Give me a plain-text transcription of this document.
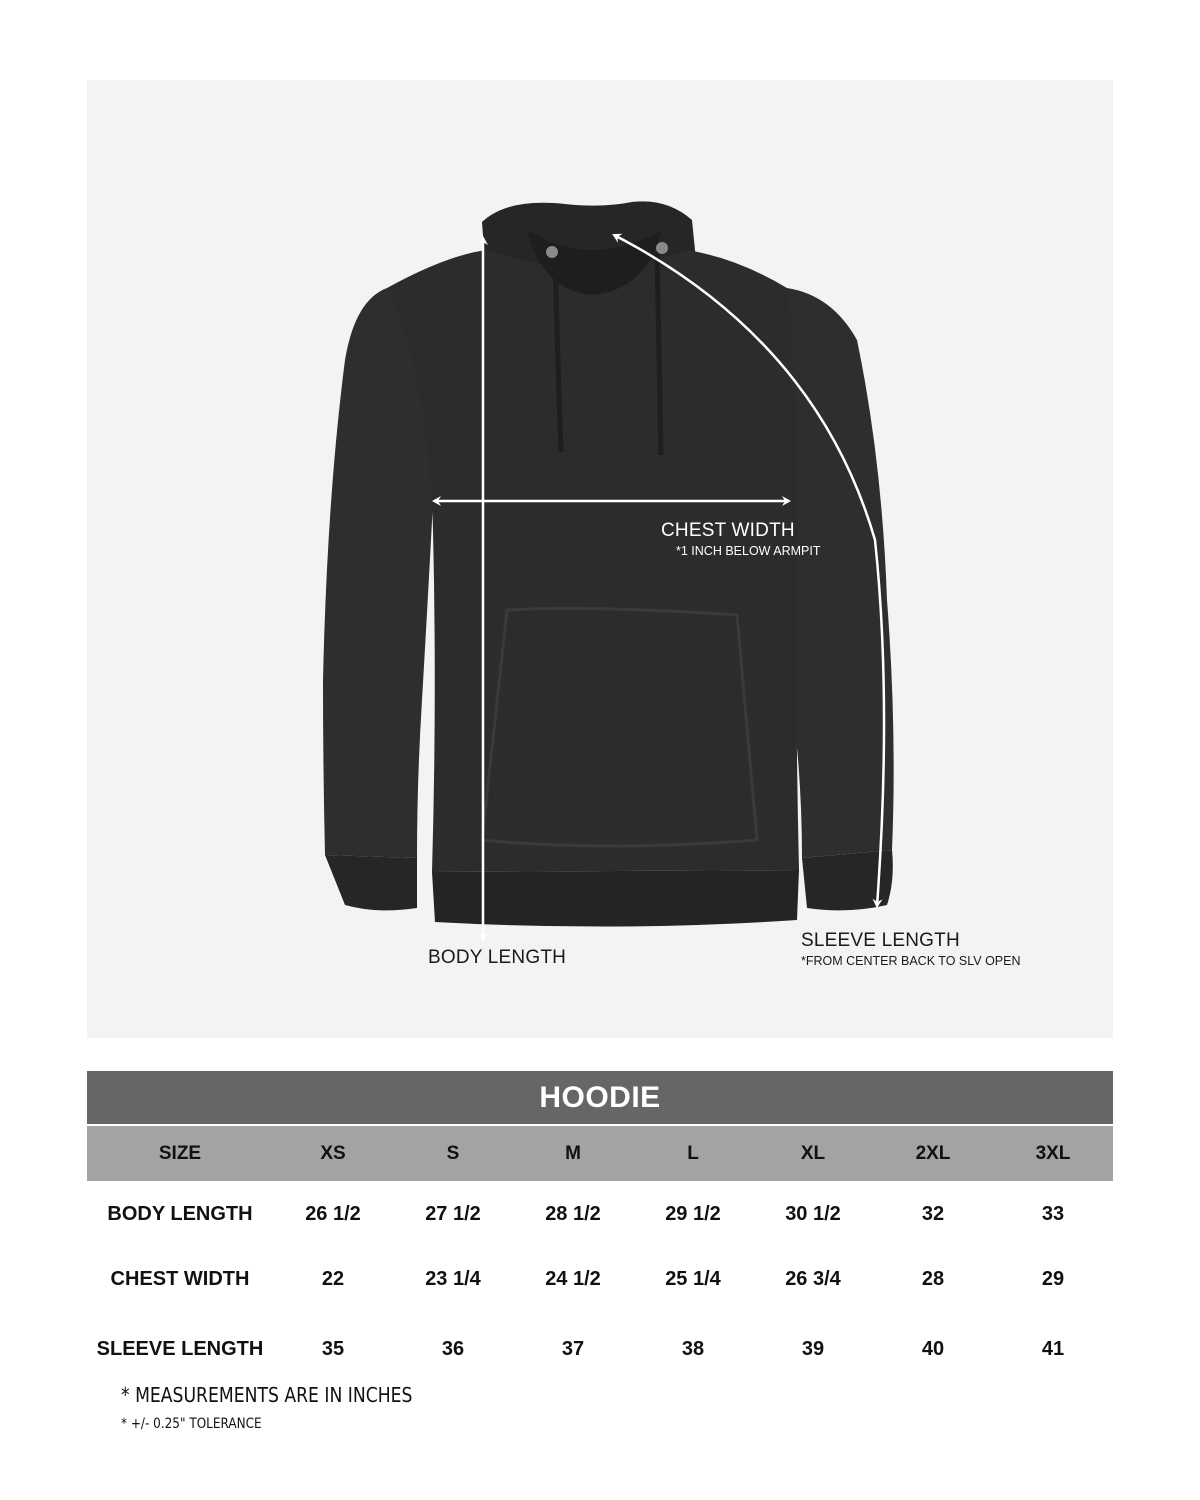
CHEST WIDTH
*1 INCH BELOW ARMPIT
BODY LENGTH
SLEEVE LENGTH
*FROM CENTER BACK TO SLV OPEN
HOODIE
SIZE	XS	S	M	L	XL	2XL	3XL
BODY LENGTH	26 1/2	27 1/2	28 1/2	29 1/2	30 1/2	32	33
CHEST WIDTH	22	23 1/4	24 1/2	25 1/4	26 3/4	28	29
SLEEVE LENGTH	35	36	37	38	39	40	41
* MEASUREMENTS ARE IN INCHES
* +/- 0.25" TOLERANCE
